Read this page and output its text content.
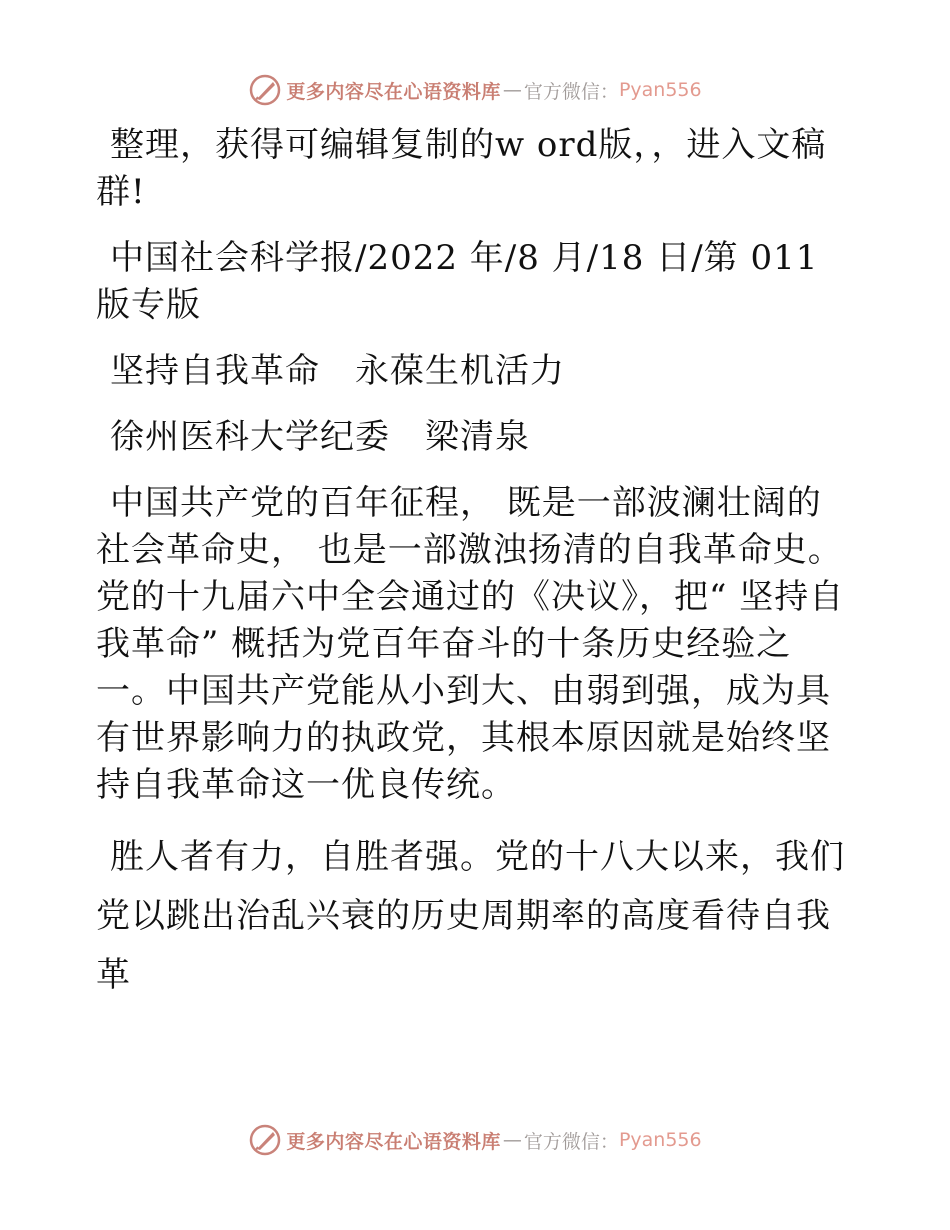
更多内容尽在心语资料库 — 官方微信： Pyan556

整理，获得可编辑复制的w ord版，，进入文稿群!

中国社会科学报/2022 年/8 月/18 日/第 011 版专版

坚持自我革命　永葆生机活力

徐州医科大学纪委　梁清泉

中国共产党的百年征程， 既是一部波澜壮阔的社会革命史， 也是一部激浊扬清的自我革命史。党的十九届六中全会通过的《决议》，把“ 坚持自我革命” 概括为党百年奋斗的十条历史经验之一。中国共产党能从小到大、由弱到强，成为具有世界影响力的执政党，其根本原因就是始终坚持自我革命这一优良传统。

胜人者有力，自胜者强。党的十八大以来，我们党以跳出治乱兴衰的历史周期率的高度看待自我革

更多内容尽在心语资料库 — 官方微信： Pyan556
